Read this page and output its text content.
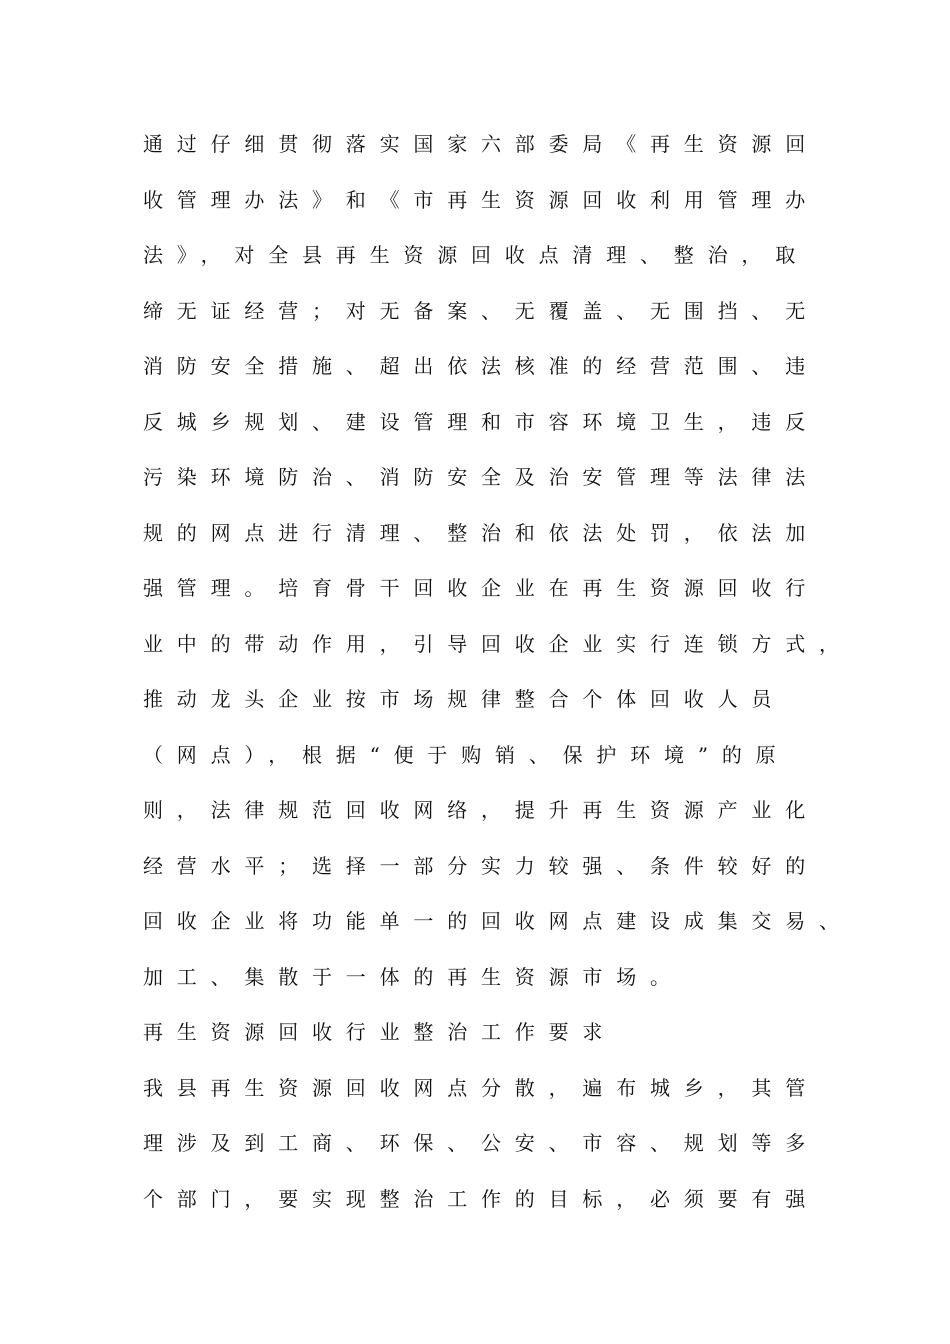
通过仔细贯彻落实国家六部委局《再生资源回
收管理办法》和《市再生资源回收利用管理办
法》，对全县再生资源回收点清理、整治，取
缔无证经营；对无备案、无覆盖、无围挡、无
消防安全措施、超出依法核准的经营范围、违
反城乡规划、建设管理和市容环境卫生，违反
污染环境防治、消防安全及治安管理等法律法
规的网点进行清理、整治和依法处罚，依法加
强管理。培育骨干回收企业在再生资源回收行
业中的带动作用，引导回收企业实行连锁方式，
推动龙头企业按市场规律整合个体回收人员
（网点），根据“便于购销、保护环境”的原
则，法律规范回收网络，提升再生资源产业化
经营水平；选择一部分实力较强、条件较好的
回收企业将功能单一的回收网点建设成集交易、
加工、集散于一体的再生资源市场。
再生资源回收行业整治工作要求
我县再生资源回收网点分散，遍布城乡，其管
理涉及到工商、环保、公安、市容、规划等多
个部门，要实现整治工作的目标，必须要有强
